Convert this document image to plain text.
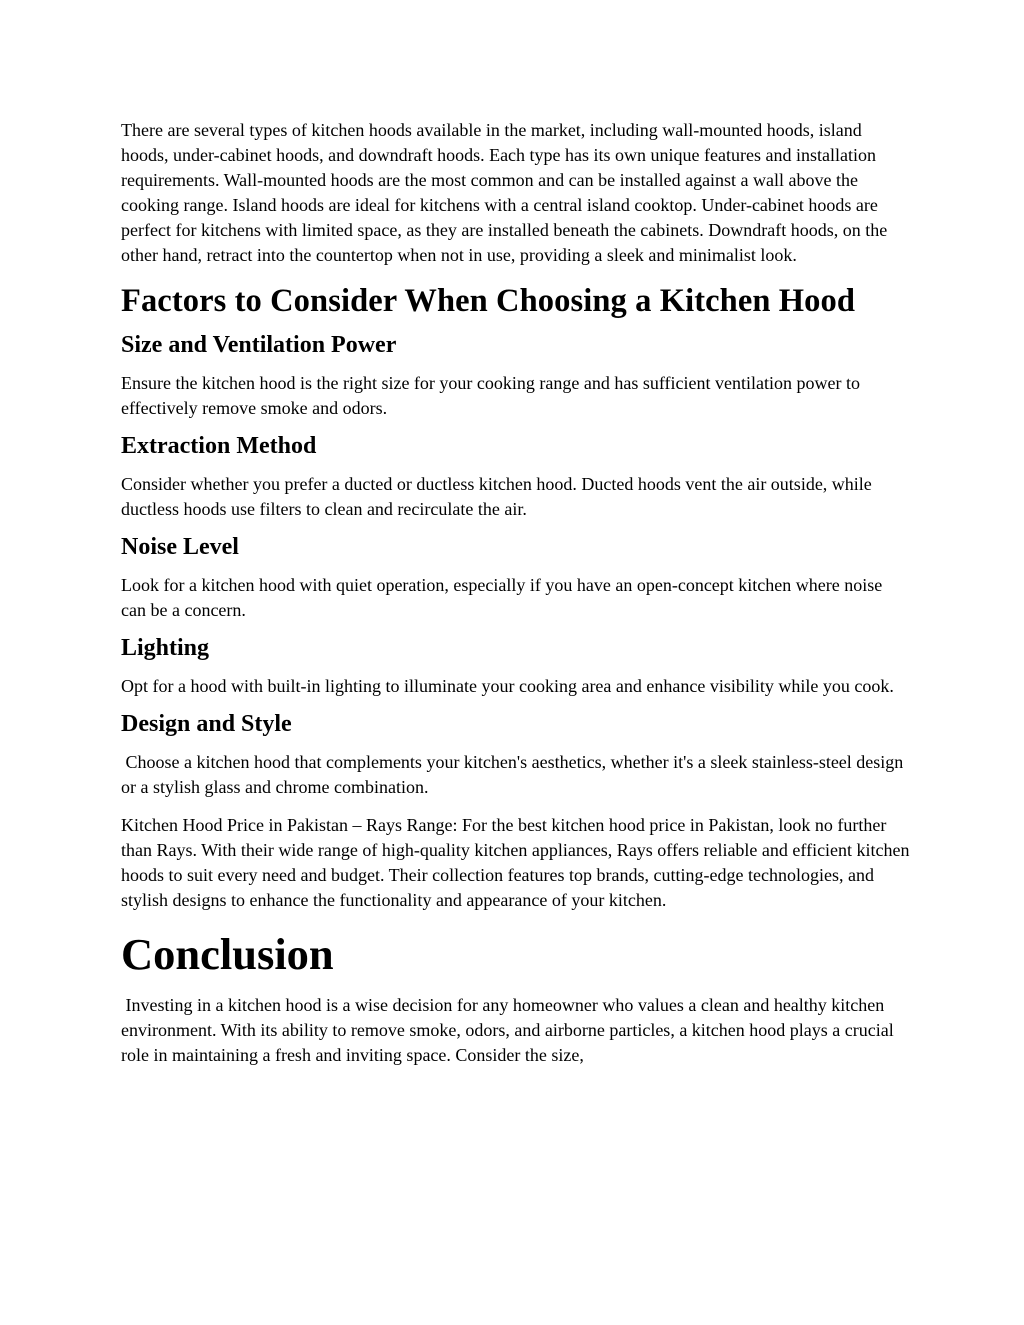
There are several types of kitchen hoods available in the market, including wall-mounted hoods, island hoods, under-cabinet hoods, and downdraft hoods. Each type has its own unique features and installation requirements. Wall-mounted hoods are the most common and can be installed against a wall above the cooking range. Island hoods are ideal for kitchens with a central island cooktop. Under-cabinet hoods are perfect for kitchens with limited space, as they are installed beneath the cabinets. Downdraft hoods, on the other hand, retract into the countertop when not in use, providing a sleek and minimalist look.

Factors to Consider When Choosing a Kitchen Hood
Size and Ventilation Power

Ensure the kitchen hood is the right size for your cooking range and has sufficient ventilation power to effectively remove smoke and odors.

Extraction Method

Consider whether you prefer a ducted or ductless kitchen hood. Ducted hoods vent the air outside, while ductless hoods use filters to clean and recirculate the air.

Noise Level

Look for a kitchen hood with quiet operation, especially if you have an open-concept kitchen where noise can be a concern.

Lighting

Opt for a hood with built-in lighting to illuminate your cooking area and enhance visibility while you cook.

Design and Style

Choose a kitchen hood that complements your kitchen's aesthetics, whether it's a sleek stainless-steel design or a stylish glass and chrome combination.

Kitchen Hood Price in Pakistan – Rays Range: For the best kitchen hood price in Pakistan, look no further than Rays. With their wide range of high-quality kitchen appliances, Rays offers reliable and efficient kitchen hoods to suit every need and budget. Their collection features top brands, cutting-edge technologies, and stylish designs to enhance the functionality and appearance of your kitchen.

Conclusion

Investing in a kitchen hood is a wise decision for any homeowner who values a clean and healthy kitchen environment. With its ability to remove smoke, odors, and airborne particles, a kitchen hood plays a crucial role in maintaining a fresh and inviting space. Consider the size,
